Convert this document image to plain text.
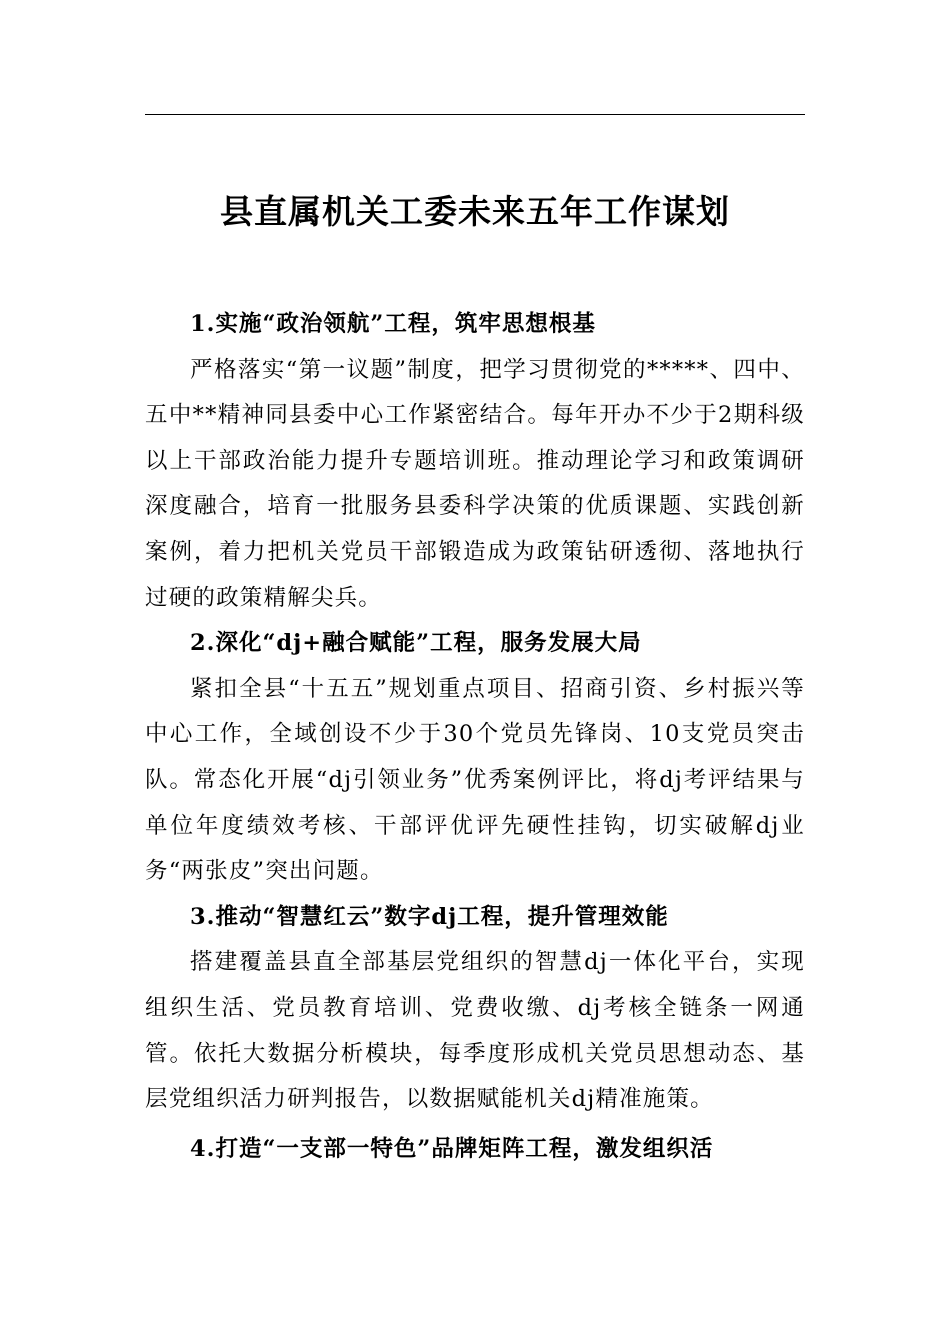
县直属机关工委未来五年工作谋划

1.实施“政治领航”工程，筑牢思想根基

严格落实“第一议题”制度，把学习贯彻党的*****、四中、五中**精神同县委中心工作紧密结合。每年开办不少于2期科级以上干部政治能力提升专题培训班。推动理论学习和政策调研深度融合，培育一批服务县委科学决策的优质课题、实践创新案例，着力把机关党员干部锻造成为政策钻研透彻、落地执行过硬的政策精解尖兵。

2.深化“dj+融合赋能”工程，服务发展大局

紧扣全县“十五五”规划重点项目、招商引资、乡村振兴等中心工作，全域创设不少于30个党员先锋岗、10支党员突击队。常态化开展“dj引领业务”优秀案例评比，将dj考评结果与单位年度绩效考核、干部评优评先硬性挂钩，切实破解dj业务“两张皮”突出问题。

3.推动“智慧红云”数字dj工程，提升管理效能

搭建覆盖县直全部基层党组织的智慧dj一体化平台，实现组织生活、党员教育培训、党费收缴、dj考核全链条一网通管。依托大数据分析模块，每季度形成机关党员思想动态、基层党组织活力研判报告，以数据赋能机关dj精准施策。

4.打造“一支部一特色”品牌矩阵工程，激发组织活
